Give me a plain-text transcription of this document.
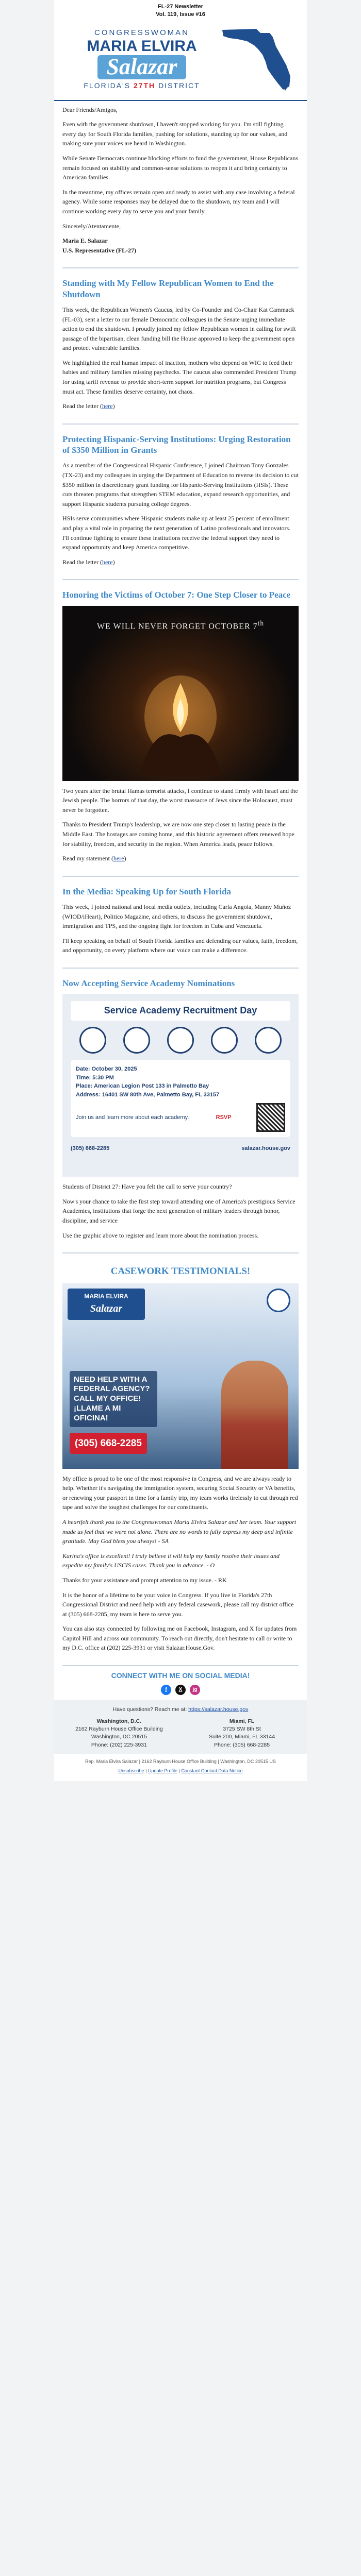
FL-27 Newsletter
Vol. 119, Issue #16
CONGRESSWOMAN
MARIA ELVIRA
Salazar
FLORIDA'S 27TH DISTRICT

Dear Friends/Amigos,

Even with the government shutdown, I haven't stopped working for you. I'm still fighting every day for South Florida families, pushing for solutions, standing up for our values, and making sure your voices are heard in Washington.

While Senate Democrats continue blocking efforts to fund the government, House Republicans remain focused on stability and common-sense solutions to reopen it and bring certainty to American families.

In the meantime, my offices remain open and ready to assist with any case involving a federal agency. While some responses may be delayed due to the shutdown, my team and I will continue working every day to serve you and your family.

Sincerely/Atentamente,

Maria E. Salazar
U.S. Representative (FL-27)

Standing with My Fellow Republican Women to End the Shutdown

This week, the Republican Women's Caucus, led by Co-Founder and Co-Chair Kat Cammack (FL-03), sent a letter to our female Democratic colleagues in the Senate urging immediate action to end the shutdown. I proudly joined my fellow Republican women in calling for swift passage of the bipartisan, clean funding bill the House approved to keep the government open and protect vulnerable families.

We highlighted the real human impact of inaction, mothers who depend on WIC to feed their babies and military families missing paychecks. The caucus also commended President Trump for using tariff revenue to provide short-term support for nutrition programs, but Congress must act. These families deserve certainty, not chaos.

Read the letter (here)

Protecting Hispanic-Serving Institutions: Urging Restoration of $350 Million in Grants

As a member of the Congressional Hispanic Conference, I joined Chairman Tony Gonzales (TX-23) and my colleagues in urging the Department of Education to reverse its decision to cut $350 million in discretionary grant funding for Hispanic-Serving Institutions (HSIs). These cuts threaten programs that strengthen STEM education, expand research opportunities, and support Hispanic students pursuing college degrees.

HSIs serve communities where Hispanic students make up at least 25 percent of enrollment and play a vital role in preparing the next generation of Latino professionals and innovators. I'll continue fighting to ensure these institutions receive the federal support they need to expand opportunity and keep America competitive.

Read the letter (here)

Honoring the Victims of October 7: One Step Closer to Peace
WE WILL NEVER FORGET OCTOBER 7th

Two years after the brutal Hamas terrorist attacks, I continue to stand firmly with Israel and the Jewish people. The horrors of that day, the worst massacre of Jews since the Holocaust, must never be forgotten.

Thanks to President Trump's leadership, we are now one step closer to lasting peace in the Middle East. The hostages are coming home, and this historic agreement offers renewed hope for stability, freedom, and security in the region. When America leads, peace follows.

Read my statement (here)

In the Media: Speaking Up for South Florida

This week, I joined national and local media outlets, including Carla Angola, Manny Muñoz (WIOD/iHeart), Politico Magazine, and others, to discuss the government shutdown, immigration and TPS, and the ongoing fight for freedom in Cuba and Venezuela.

I'll keep speaking on behalf of South Florida families and defending our values, faith, freedom, and opportunity, on every platform where our voice can make a difference.

Now Accepting Service Academy Nominations
Service Academy Recruitment Day
Date: October 30, 2025
Time: 5:30 PM
Place: American Legion Post 133 in Palmetto Bay
Address: 16401 SW 80th Ave, Palmetto Bay, FL 33157
Join us and learn more about each academy.	RSVP
(305) 668-2285	salazar.house.gov

Students of District 27: Have you felt the call to serve your country?

Now's your chance to take the first step toward attending one of America's prestigious Service Academies, institutions that forge the next generation of military leaders through honor, discipline, and service

Use the graphic above to register and learn more about the nomination process.

CASEWORK TESTIMONIALS!
MARIA ELVIRA
Salazar
NEED HELP WITH A FEDERAL AGENCY? CALL MY OFFICE! ¡LLAME A MI OFICINA!
(305) 668-2285

My office is proud to be one of the most responsive in Congress, and we are always ready to help. Whether it's navigating the immigration system, securing Social Security or VA benefits, or renewing your passport in time for a family trip, my team works tirelessly to cut through red tape and solve the toughest challenges for our constituents.

A heartfelt thank you to the Congresswoman Maria Elvira Salazar and her team. Your support made us feel that we were not alone. There are no words to fully express my deep and infinite gratitude. May God bless you always! - SA

Karina's office is excellent! I truly believe it will help my family resolve their issues and expedite my family's USCIS cases. Thank you in advance. - O

Thanks for your assistance and prompt attention to my issue. - RK

It is the honor of a lifetime to be your voice in Congress. If you live in Florida's 27th Congressional District and need help with any federal casework, please call my district office at (305) 668-2285, my team is here to serve you.

You can also stay connected by following me on Facebook, Instagram, and X for updates from Capitol Hill and across our community. To reach out directly, don't hesitate to call or write to my D.C. office at (202) 225-3931 or visit Salazar.House.Gov.

CONNECT WITH ME ON SOCIAL MEDIA!
f	X	ig
Have questions? Reach me at: https://salazar.house.gov
Washington, D.C.
2162 Rayburn House Office Building
Washington, DC 20515
Phone: (202) 225-3931
Miami, FL
3725 SW 8th St
Suite 200, Miami, FL 33144
Phone: (305) 668-2285
Rep. Maria Elvira Salazar | 2162 Rayburn House Office Building | Washington, DC 20515 US
Unsubscribe | Update Profile | Constant Contact Data Notice
